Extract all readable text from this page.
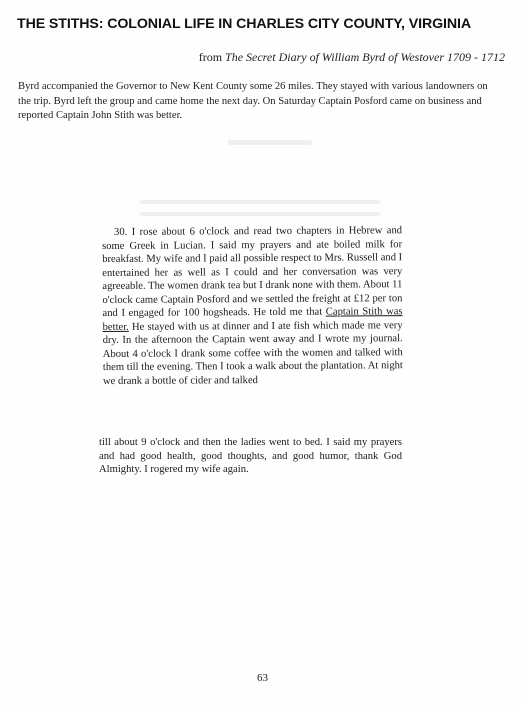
THE STITHS: COLONIAL LIFE IN CHARLES CITY COUNTY, VIRGINIA
from The Secret Diary of William Byrd of Westover 1709 - 1712
Byrd accompanied the Governor to New Kent County some 26 miles. They stayed with various landowners on the trip. Byrd left the group and came home the next day. On Saturday Captain Posford came on business and reported Captain John Stith was better.
30. I rose about 6 o'clock and read two chapters in Hebrew and some Greek in Lucian. I said my prayers and ate boiled milk for breakfast. My wife and I paid all possible respect to Mrs. Russell and I entertained her as well as I could and her conversation was very agreeable. The women drank tea but I drank none with them. About 11 o'clock came Captain Posford and we settled the freight at £12 per ton and I engaged for 100 hogsheads. He told me that Captain Stith was better. He stayed with us at dinner and I ate fish which made me very dry. In the afternoon the Captain went away and I wrote my journal. About 4 o'clock I drank some coffee with the women and talked with them till the evening. Then I took a walk about the plantation. At night we drank a bottle of cider and talked
till about 9 o'clock and then the ladies went to bed. I said my prayers and had good health, good thoughts, and good humor, thank God Almighty. I rogered my wife again.
63
